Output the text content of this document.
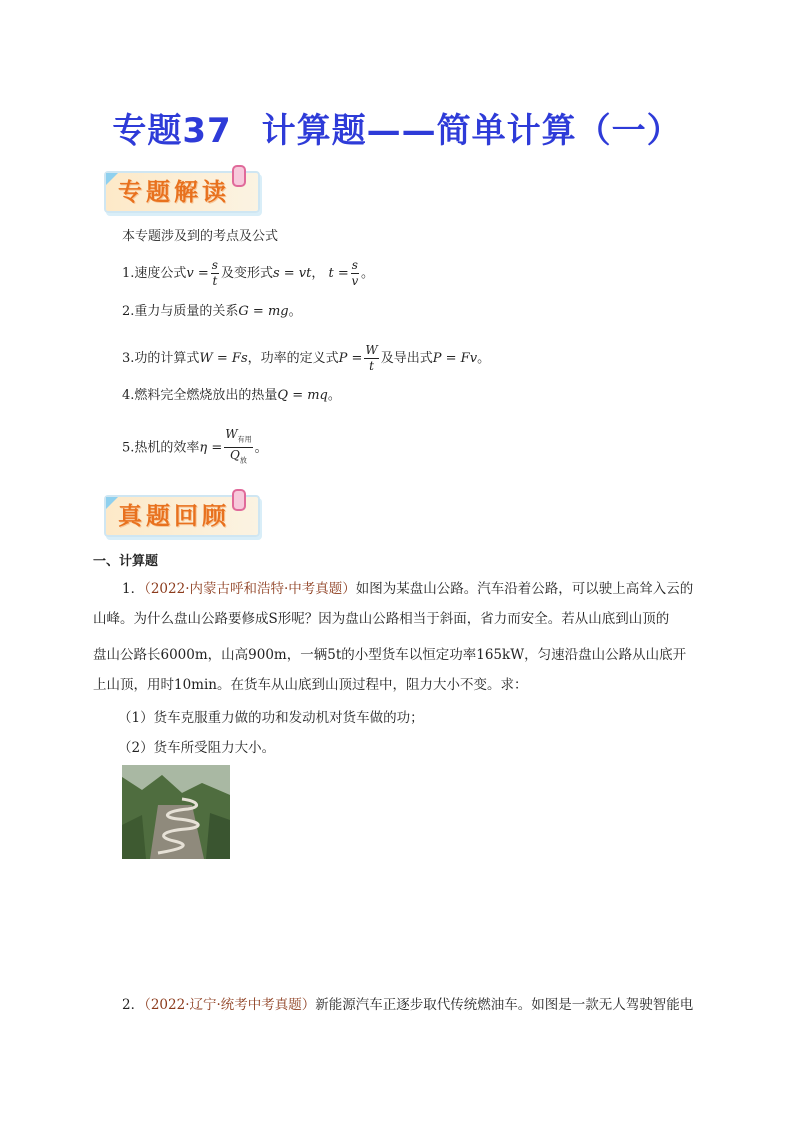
专题37 计算题——简单计算（一）
专题解读
本专题涉及到的考点及公式
1.速度公式$v = \frac{s}{t}$ 及变形式s = vt， $t = \frac{s}{v}$ 。
2.重力与质量的关系G = mg。
3.功的计算式W = Fs，功率的定义式$P = \frac{W}{t}$ 及导出式P = Fv。
4.燃料完全燃烧放出的热量Q = mq。
5.热机的效率$\eta = \frac{W_{有用}}{Q_放}$ 。
真题回顾
一、计算题
1．（2022·内蒙古呼和浩特·中考真题）如图为某盘山公路。汽车沿着公路，可以驶上高耸入云的
山峰。为什么盘山公路要修成S形呢？因为盘山公路相当于斜面，省力而安全。若从山底到山顶的
盘山公路长6000m，山高900m，一辆5t的小型货车以恒定功率165kW，匀速沿盘山公路从山底开
上山顶，用时10min。在货车从山底到山顶过程中，阻力大小不变。求：
（1）货车克服重力做的功和发动机对货车做的功；
（2）货车所受阻力大小。
2．（2022·辽宁·统考中考真题）新能源汽车正逐步取代传统燃油车。如图是一款无人驾驶智能电
